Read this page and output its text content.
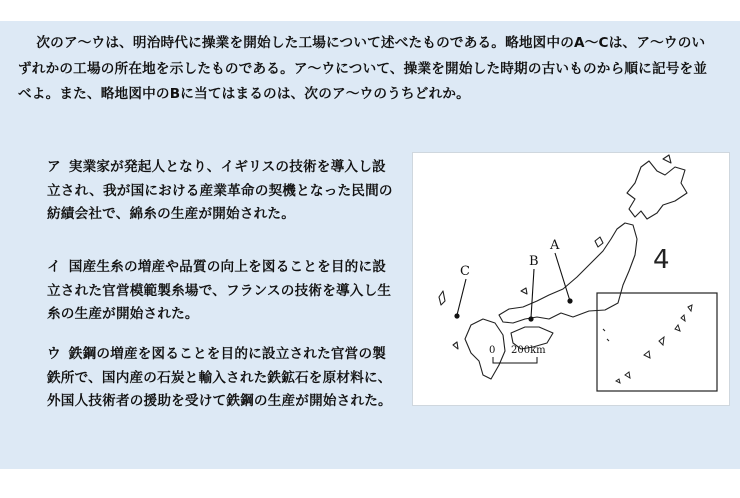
次のア〜ウは、明治時代に操業を開始した工場について述べたものである。略地図中のA〜Cは、ア〜ウのいずれかの工場の所在地を示したものである。ア〜ウについて、操業を開始した時期の古いものから順に記号を並べよ。また、略地図中のBに当てはまるのは、次のア〜ウのうちどれか。
ア 実業家が発起人となり、イギリスの技術を導入し設立され、我が国における産業革命の契機となった民間の紡績会社で、綿糸の生産が開始された。
イ 国産生糸の増産や品質の向上を図ることを目的に設立された官営模範製糸場で、フランスの技術を導入し生糸の生産が開始された。
ウ 鉄鋼の増産を図ることを目的に設立された官営の製鉄所で、国内産の石炭と輸入された鉄鉱石を原材料に、外国人技術者の援助を受けて鉄鋼の生産が開始された。
A
B
C	4
0 200km
